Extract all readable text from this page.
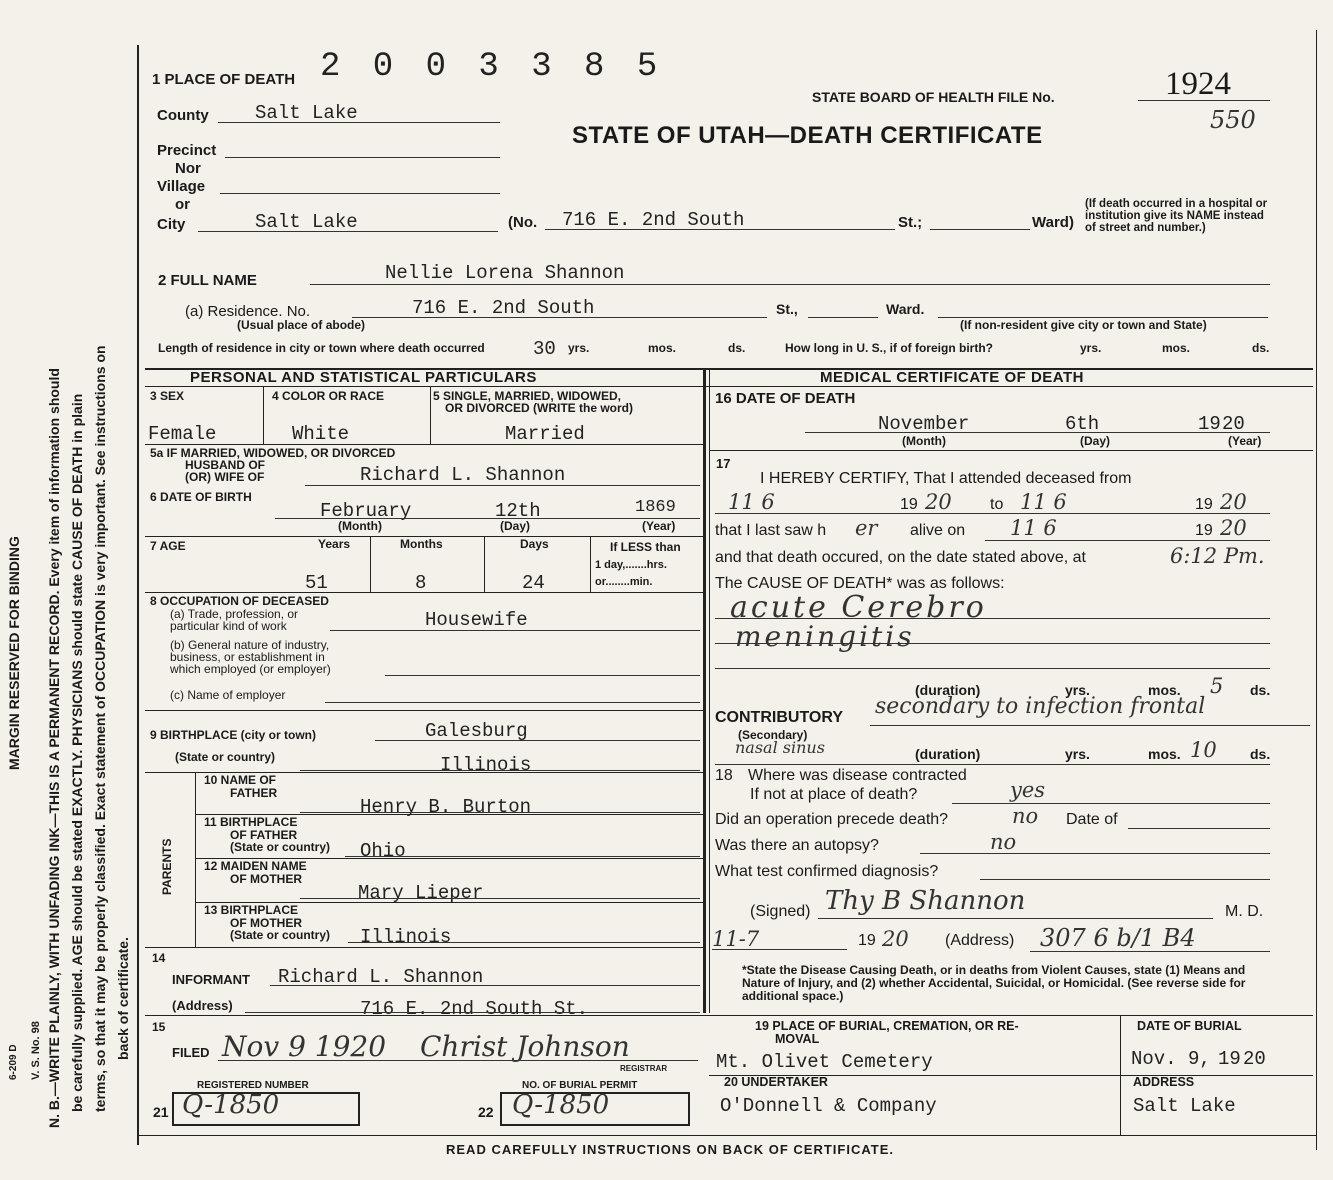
6-209 D V. S. No. 98 N. B.—WRITE PLAINLY, WITH UNFADING INK—THIS IS A PERMANENT RECORD. Every item of information should be carefully supplied. AGE should be stated EXACTLY. PHYSICIANS should state CAUSE OF DEATH in plain terms, so that it may be properly classified. Exact statement of OCCUPATION is very important. See instructions on back of certificate.
MARGIN RESERVED FOR BINDING
1 PLACE OF DEATH 2 0 0 3 3 8 5
STATE BOARD OF HEALTH FILE No.	1924
550
STATE OF UTAH—DEATH CERTIFICATE
County Salt Lake
Precinct
Nor
Village
or
City	Salt Lake	(No. 716 E. 2nd South	St.;	Ward)
(If death occurred in a hospital or institution give its NAME instead of street and number.)
2 FULL NAME	Nellie Lorena Shannon
(a) Residence. No.	716 E. 2nd South	St.,	Ward.
(Usual place of abode)	(If non-resident give city or town and State)
Length of residence in city or town where death occurred	30 yrs.	mos.	ds.	How long in U. S., if of foreign birth?	yrs.	mos.	ds.
PERSONAL AND STATISTICAL PARTICULARS	MEDICAL CERTIFICATE OF DEATH
3 SEX	4 COLOR OR RACE	5 SINGLE, MARRIED, WIDOWED,
OR DIVORCED (WRITE the word)
Female	White	Married
5a IF MARRIED, WIDOWED, OR DIVORCED
HUSBAND OF
(OR) WIFE OF	Richard L. Shannon
6 DATE OF BIRTH
February	12th	1869
(Month)	(Day)	(Year)
7 AGE	Years	Months	Days	If LESS than
1 day,.......hrs.
or........min.
51	8	24
8 OCCUPATION OF DECEASED
(a) Trade, profession, or
particular kind of work	Housewife
(b) General nature of industry,
business, or establishment in
which employed (or employer)
(c) Name of employer
9 BIRTHPLACE (city or town)	Galesburg
(State or country)	Illinois
PARENTS
10 NAME OF
FATHER
Henry B. Burton
11 BIRTHPLACE
OF FATHER
(State or country) Ohio
12 MAIDEN NAME
OF MOTHER
Mary Lieper
13 BIRTHPLACE
OF MOTHER
(State or country) Illinois
14
INFORMANT Richard L. Shannon
(Address)	716 E. 2nd South St.
15
FILED Nov 9 1920 Christ Johnson
REGISTRAR
REGISTERED NUMBER	NO. OF BURIAL PERMIT
21 Q-1850	22 Q-1850
16 DATE OF DEATH
November	6th	19 20
(Month)	(Day)	(Year)
17
I HEREBY CERTIFY, That I attended deceased from
11 6	19 20 to 11 6	19 20
that I last saw h er alive on 11 6	19 20
and that death occured, on the date stated above, at	6:12 Pm.
The CAUSE OF DEATH* was as follows:
acute Cerebro
meningitis
(duration)	yrs.	mos. 5 ds.
CONTRIBUTORY secondary to infection frontal
(Secondary)
nasal sinus	(duration)	yrs.	mos. 10 ds.
18 Where was disease contracted
If not at place of death?	yes
Did an operation precede death?	no Date of
Was there an autopsy?	no
What test confirmed diagnosis?
(Signed) Thy B Shannon	M. D.
11-7	19 20 (Address) 307 6 b/1 B4
*State the Disease Causing Death, or in deaths from Violent Causes, state (1) Means and Nature of Injury, and (2) whether Accidental, Suicidal, or Homicidal. (See reverse side for additional space.)
19 PLACE OF BURIAL, CREMATION, OR RE-
MOVAL
DATE OF BURIAL
Mt. Olivet Cemetery	Nov. 9, 19 20
20 UNDERTAKER	ADDRESS
O'Donnell & Company	Salt Lake
READ CAREFULLY INSTRUCTIONS ON BACK OF CERTIFICATE.
